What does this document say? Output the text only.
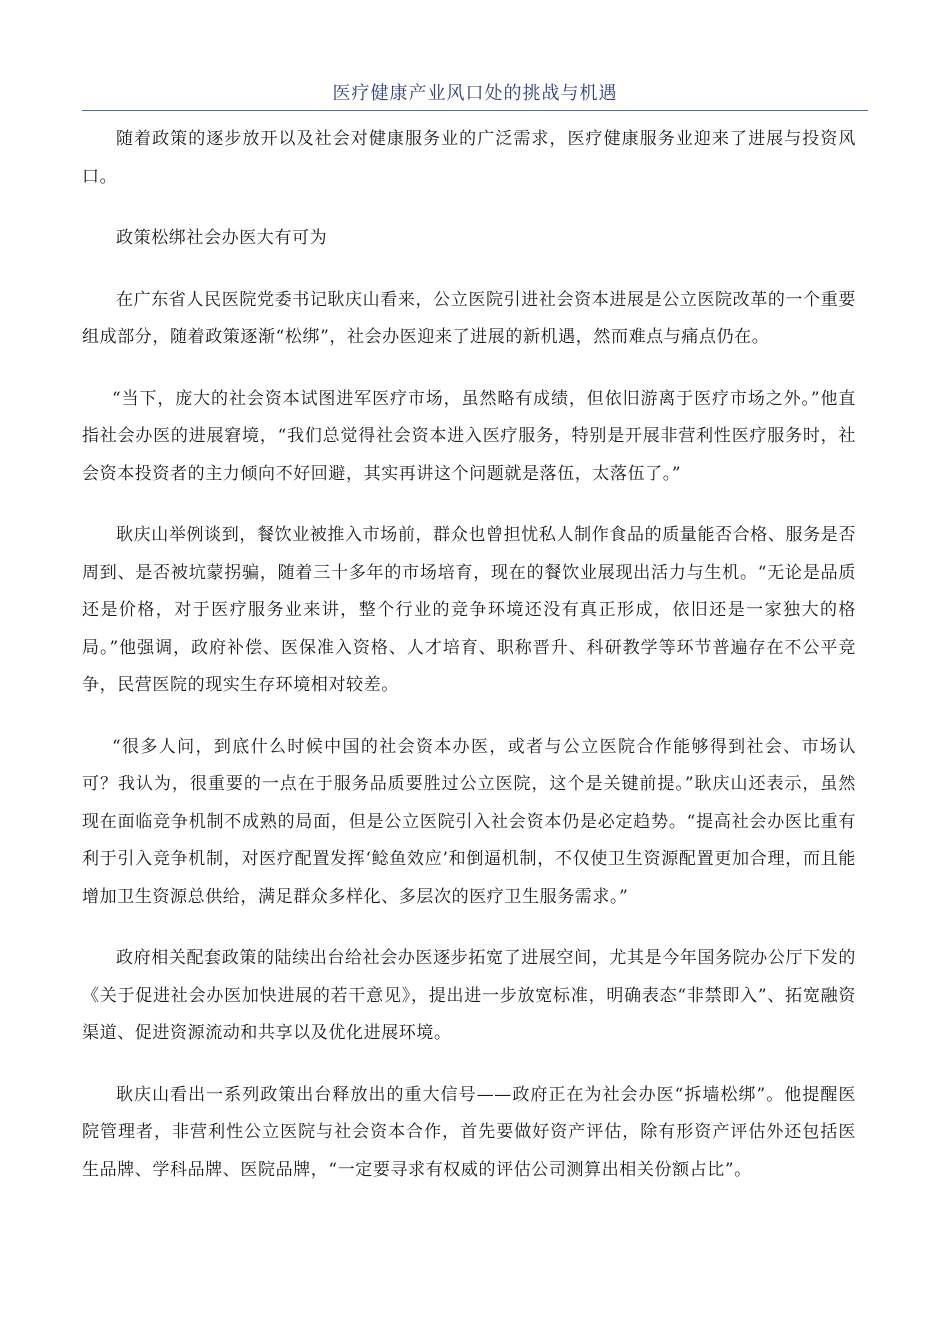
医疗健康产业风口处的挑战与机遇

随着政策的逐步放开以及社会对健康服务业的广泛需求，医疗健康服务业迎来了进展与投资风口。

政策松绑社会办医大有可为

在广东省人民医院党委书记耿庆山看来，公立医院引进社会资本进展是公立医院改革的一个重要组成部分，随着政策逐渐“松绑”，社会办医迎来了进展的新机遇，然而难点与痛点仍在。

“当下，庞大的社会资本试图进军医疗市场，虽然略有成绩，但依旧游离于医疗市场之外。”他直指社会办医的进展窘境，“我们总觉得社会资本进入医疗服务，特别是开展非营利性医疗服务时，社会资本投资者的主力倾向不好回避，其实再讲这个问题就是落伍，太落伍了。”

耿庆山举例谈到，餐饮业被推入市场前，群众也曾担忧私人制作食品的质量能否合格、服务是否周到、是否被坑蒙拐骗，随着三十多年的市场培育，现在的餐饮业展现出活力与生机。“无论是品质还是价格，对于医疗服务业来讲，整个行业的竞争环境还没有真正形成，依旧还是一家独大的格局。”他强调，政府补偿、医保准入资格、人才培育、职称晋升、科研教学等环节普遍存在不公平竞争，民营医院的现实生存环境相对较差。

“很多人问，到底什么时候中国的社会资本办医，或者与公立医院合作能够得到社会、市场认可？我认为，很重要的一点在于服务品质要胜过公立医院，这个是关键前提。”耿庆山还表示，虽然现在面临竞争机制不成熟的局面，但是公立医院引入社会资本仍是必定趋势。“提高社会办医比重有利于引入竞争机制，对医疗配置发挥‘鲶鱼效应’和倒逼机制，不仅使卫生资源配置更加合理，而且能增加卫生资源总供给，满足群众多样化、多层次的医疗卫生服务需求。”

政府相关配套政策的陆续出台给社会办医逐步拓宽了进展空间，尤其是今年国务院办公厅下发的《关于促进社会办医加快进展的若干意见》，提出进一步放宽标准，明确表态“非禁即入”、拓宽融资渠道、促进资源流动和共享以及优化进展环境。

耿庆山看出一系列政策出台释放出的重大信号——政府正在为社会办医“拆墙松绑”。他提醒医院管理者，非营利性公立医院与社会资本合作，首先要做好资产评估，除有形资产评估外还包括医生品牌、学科品牌、医院品牌，“一定要寻求有权威的评估公司测算出相关份额占比”。
